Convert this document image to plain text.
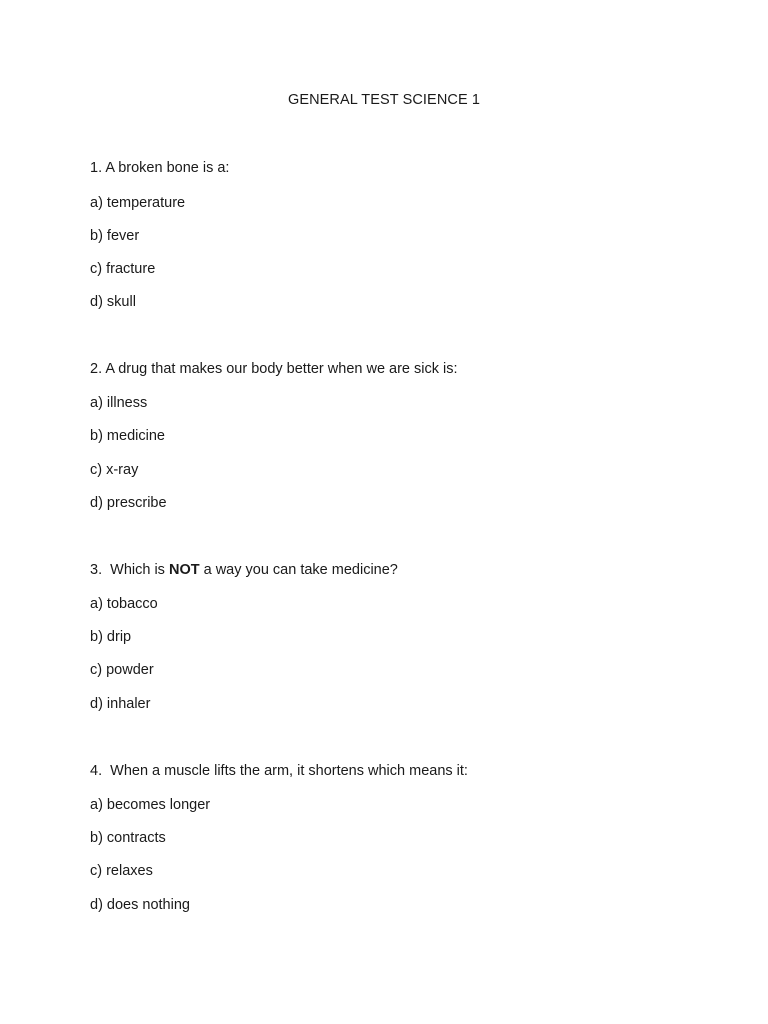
GENERAL TEST SCIENCE 1
1. A broken bone is a:
a) temperature
b) fever
c) fracture
d) skull
2. A drug that makes our body better when we are sick is:
a) illness
b) medicine
c) x-ray
d) prescribe
3.  Which is NOT a way you can take medicine?
a) tobacco
b) drip
c) powder
d) inhaler
4.  When a muscle lifts the arm, it shortens which means it:
a) becomes longer
b) contracts
c) relaxes
d) does nothing
